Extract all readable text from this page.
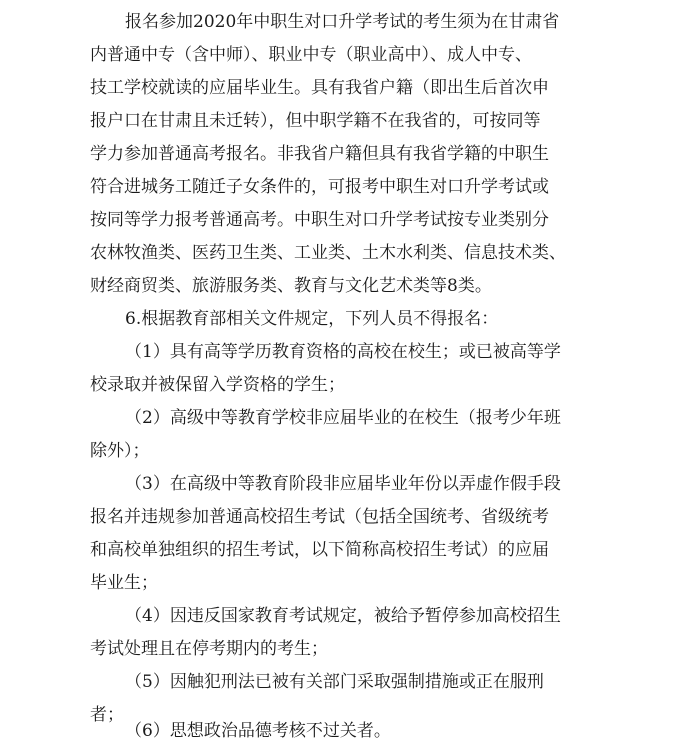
报名参加2020年中职生对口升学考试的考生须为在甘肃省
内普通中专（含中师）、职业中专（职业高中）、成人中专、
技工学校就读的应届毕业生。具有我省户籍（即出生后首次申
报户口在甘肃且未迁转），但中职学籍不在我省的，可按同等
学力参加普通高考报名。非我省户籍但具有我省学籍的中职生
符合进城务工随迁子女条件的，可报考中职生对口升学考试或
按同等学力报考普通高考。中职生对口升学考试按专业类别分
农林牧渔类、医药卫生类、工业类、土木水利类、信息技术类、
财经商贸类、旅游服务类、教育与文化艺术类等8类。
6.根据教育部相关文件规定，下列人员不得报名：
（1）具有高等学历教育资格的高校在校生；或已被高等学
校录取并被保留入学资格的学生；
（2）高级中等教育学校非应届毕业的在校生（报考少年班
除外）；
（3）在高级中等教育阶段非应届毕业年份以弄虚作假手段
报名并违规参加普通高校招生考试（包括全国统考、省级统考
和高校单独组织的招生考试，以下简称高校招生考试）的应届
毕业生；
（4）因违反国家教育考试规定，被给予暂停参加高校招生
考试处理且在停考期内的考生；
（5）因触犯刑法已被有关部门采取强制措施或正在服刑
者；
（6）思想政治品德考核不过关者。
